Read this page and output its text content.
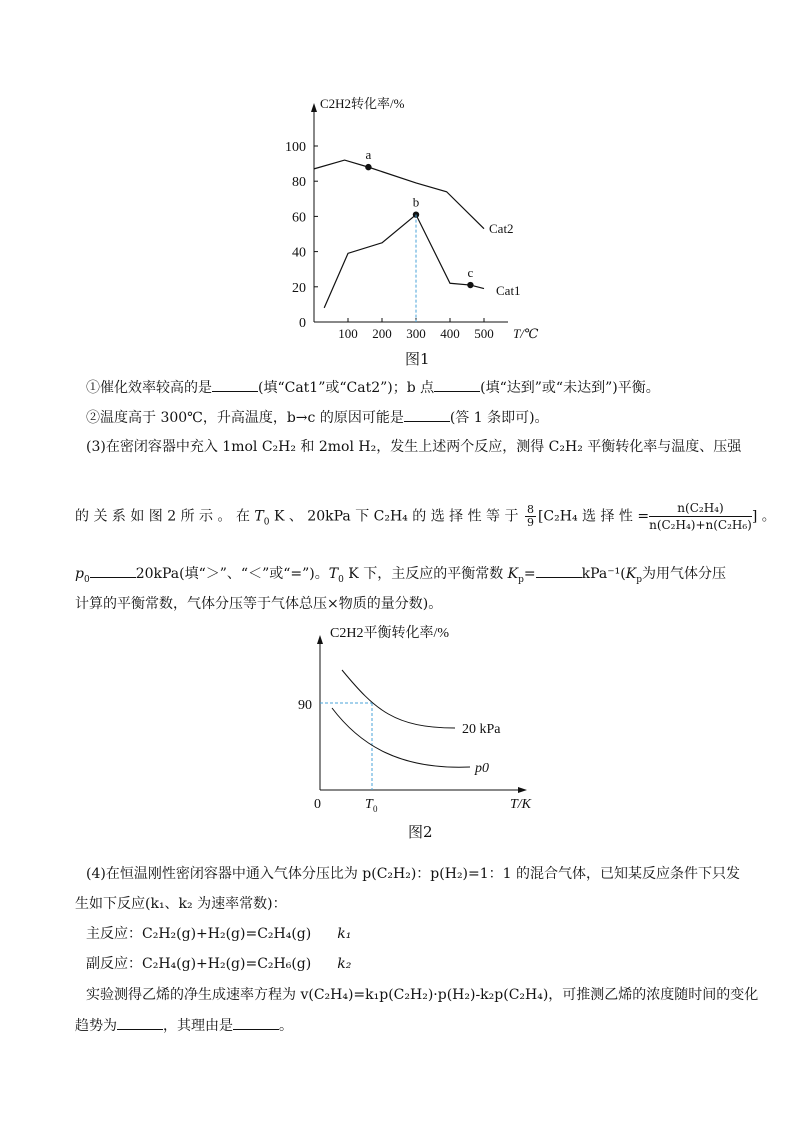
C2H2转化率/%
T/℃
0
20
40
60
80
100
100 200 300 400 500
a
b
c
Cat2
Cat1
图1
①催化效率较高的是	(填“Cat1”或“Cat2”)；b 点	(填“达到”或“未达到”)平衡。
②温度高于 300℃，升高温度，b→c 的原因可能是	(答 1 条即可)。
(3)在密闭容器中充入 1mol C₂H₂ 和 2mol H₂，发生上述两个反应，测得 C₂H₂ 平衡转化率与温度、压强
的 关 系 如 图 2 所 示 。 在 $T_0$ K 、 20kPa 下 C₂H₄ 的 选 择 性 等 于 $\frac{8}{9} [C_2H_4$ 选 择 性 = $\frac{\text{n(C₂H₄)}}{\text{n(C₂H₄)+n(C₂H₆)}}$] 。
$p_0$	20kPa(填“＞”、“＜”或“=”)。$T_0$ K 下，主反应的平衡常数 $K_p=$	$kPa^{-1}(K_p$为用气体分压
计算的平衡常数，气体分压等于气体总压×物质的量分数)。
C2H2平衡转化率/%
T/K
90
0	T 0
20 kPa
p0
图2
(4)在恒温刚性密闭容器中通入气体分压比为 p(C₂H₂)：p(H₂)=1：1 的混合气体，已知某反应条件下只发
生如下反应(k₁、k₂ 为速率常数)：
主反应：C₂H₂(g)+H₂(g)=C₂H₄(g) k₁
副反应：C₂H₄(g)+H₂(g)=C₂H₆(g) k₂
实验测得乙烯的净生成速率方程为 v(C₂H₄)=k₁p(C₂H₂)·p(H₂)-k₂p(C₂H₄)，可推测乙烯的浓度随时间的变化
趋势为	，其理由是	。
